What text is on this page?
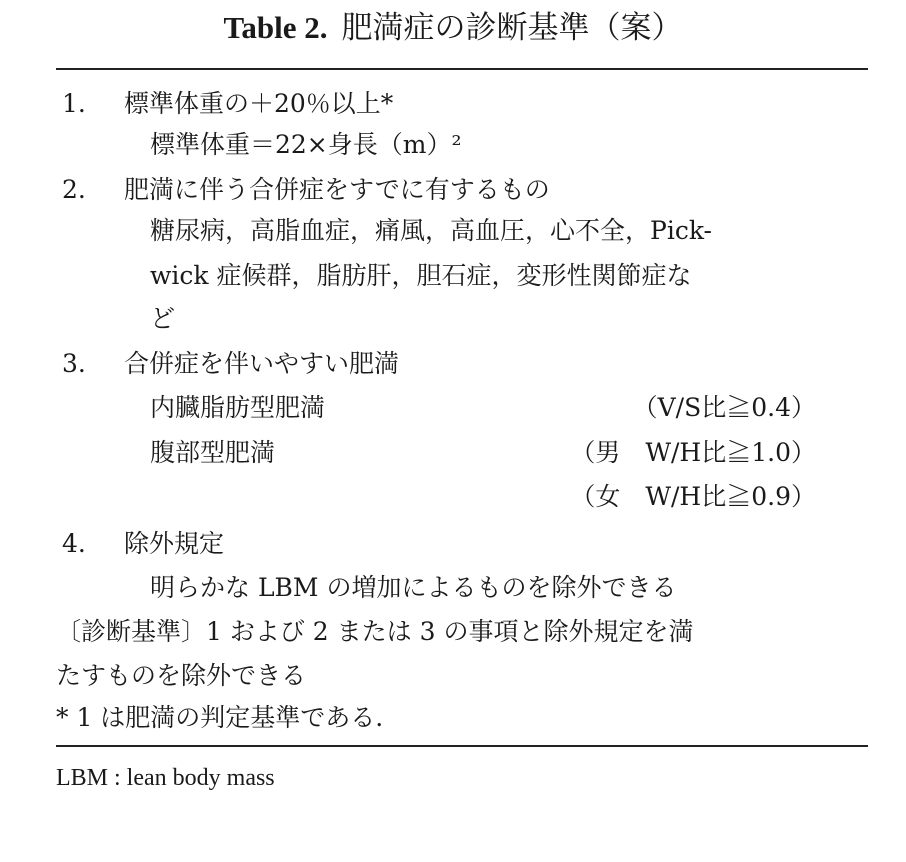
Table 2. 肥満症の診断基準（案）
1. 標準体重の＋20％以上*
標準体重＝22×身長（m）²
2. 肥満に伴う合併症をすでに有するもの
糖尿病，高脂血症，痛風，高血圧，心不全，Pick-
wick 症候群，脂肪肝，胆石症，変形性関節症な
ど
3. 合併症を伴いやすい肥満
内臓脂肪型肥満	（V/S比≧0.4）
腹部型肥満	（男　W/H比≧1.0）
（女　W/H比≧0.9）
4. 除外規定
明らかな LBM の増加によるものを除外できる
〔診断基準〕1 および 2 または 3 の事項と除外規定を満
たすものを除外できる
* 1 は肥満の判定基準である.
LBM : lean body mass
